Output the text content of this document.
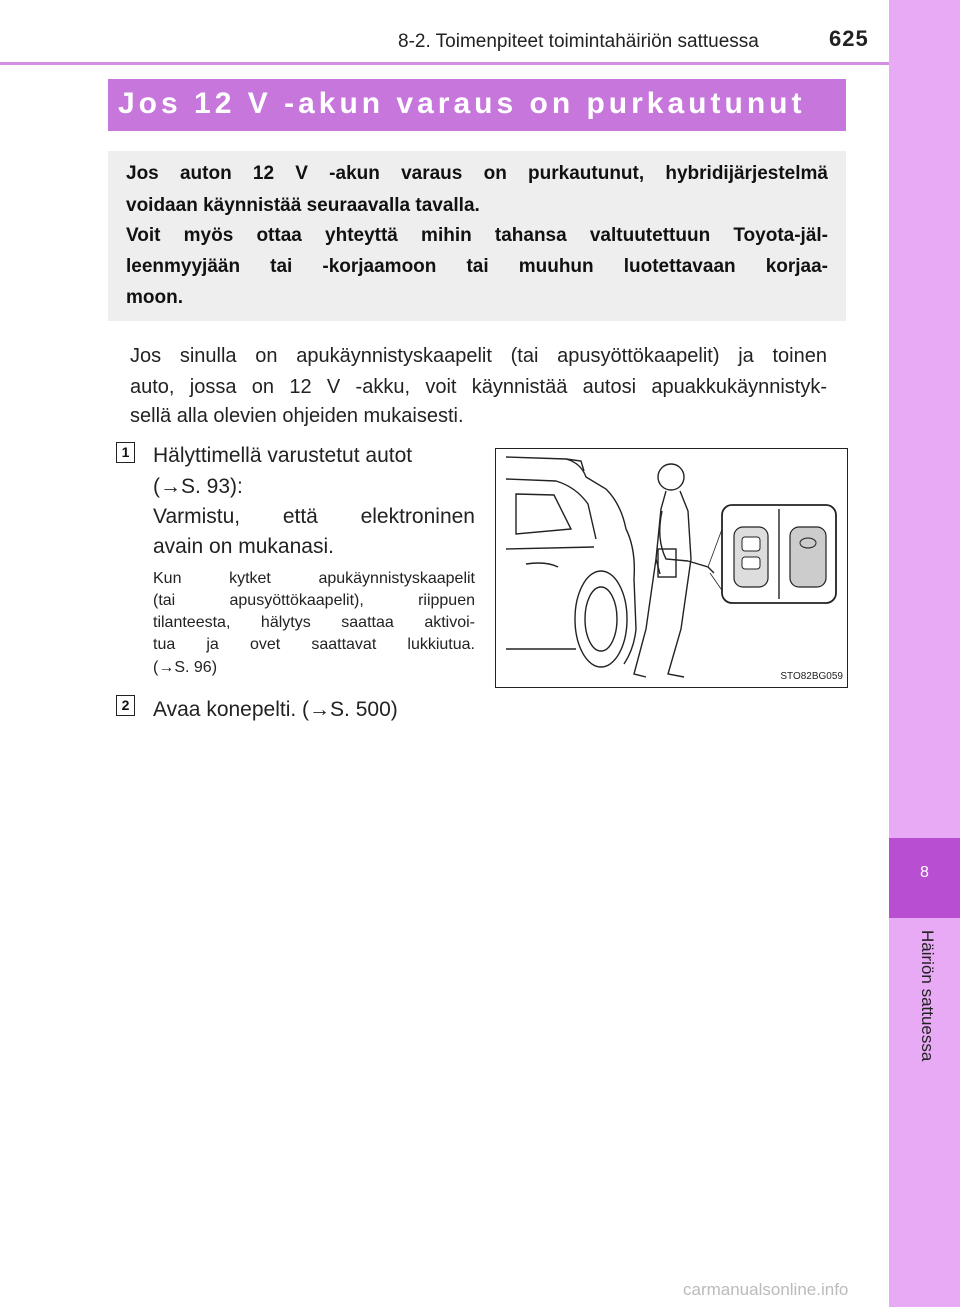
8
Häiriön sattuessa
8-2. Toimenpiteet toimintahäiriön sattuessa	625
Jos 12 V -akun varaus on purkautunut
Jos auton 12 V -akun varaus on purkautunut, hybridijärjestelmä
voidaan käynnistää seuraavalla tavalla.
Voit myös ottaa yhteyttä mihin tahansa valtuutettuun Toyota-jäl-
leenmyyjään tai -korjaamoon tai muuhun luotettavaan korjaa-
moon.
Jos sinulla on apukäynnistyskaapelit (tai apusyöttökaapelit) ja toinen
auto, jossa on 12 V -akku, voit käynnistää autosi apuakkukäynnistyk-
sellä alla olevien ohjeiden mukaisesti.
1 Hälyttimellä varustetut autot
(→S. 93):
Varmistu, että elektroninen
avain on mukanasi.
Kun kytket apukäynnistyskaapelit
(tai apusyöttökaapelit), riippuen
tilanteesta, hälytys saattaa aktivoi-
tua ja ovet saattavat lukkiutua.
(→S. 96)
STO82BG059
2 Avaa konepelti. (→S. 500)
carmanualsonline.info
